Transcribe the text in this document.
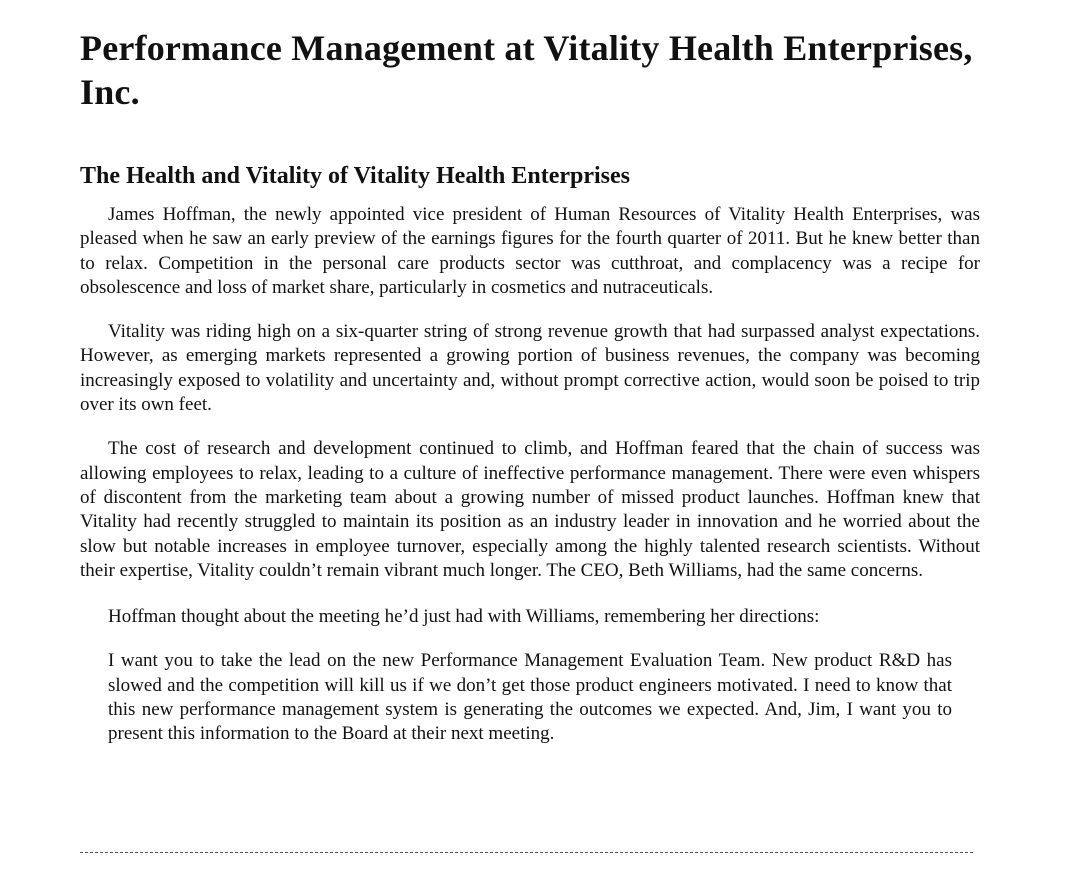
Performance Management at Vitality Health Enterprises, Inc.
The Health and Vitality of Vitality Health Enterprises

James Hoffman, the newly appointed vice president of Human Resources of Vitality Health Enterprises, was pleased when he saw an early preview of the earnings figures for the fourth quarter of 2011. But he knew better than to relax. Competition in the personal care products sector was cutthroat, and complacency was a recipe for obsolescence and loss of market share, particularly in cosmetics and nutraceuticals.

Vitality was riding high on a six-quarter string of strong revenue growth that had surpassed analyst expectations. However, as emerging markets represented a growing portion of business revenues, the company was becoming increasingly exposed to volatility and uncertainty and, without prompt corrective action, would soon be poised to trip over its own feet.

The cost of research and development continued to climb, and Hoffman feared that the chain of success was allowing employees to relax, leading to a culture of ineffective performance management. There were even whispers of discontent from the marketing team about a growing number of missed product launches. Hoffman knew that Vitality had recently struggled to maintain its position as an industry leader in innovation and he worried about the slow but notable increases in employee turnover, especially among the highly talented research scientists. Without their expertise, Vitality couldn’t remain vibrant much longer. The CEO, Beth Williams, had the same concerns.

Hoffman thought about the meeting he’d just had with Williams, remembering her directions:

I want you to take the lead on the new Performance Management Evaluation Team. New product R&D has slowed and the competition will kill us if we don’t get those product engineers motivated. I need to know that this new performance management system is generating the outcomes we expected. And, Jim, I want you to present this information to the Board at their next meeting.
